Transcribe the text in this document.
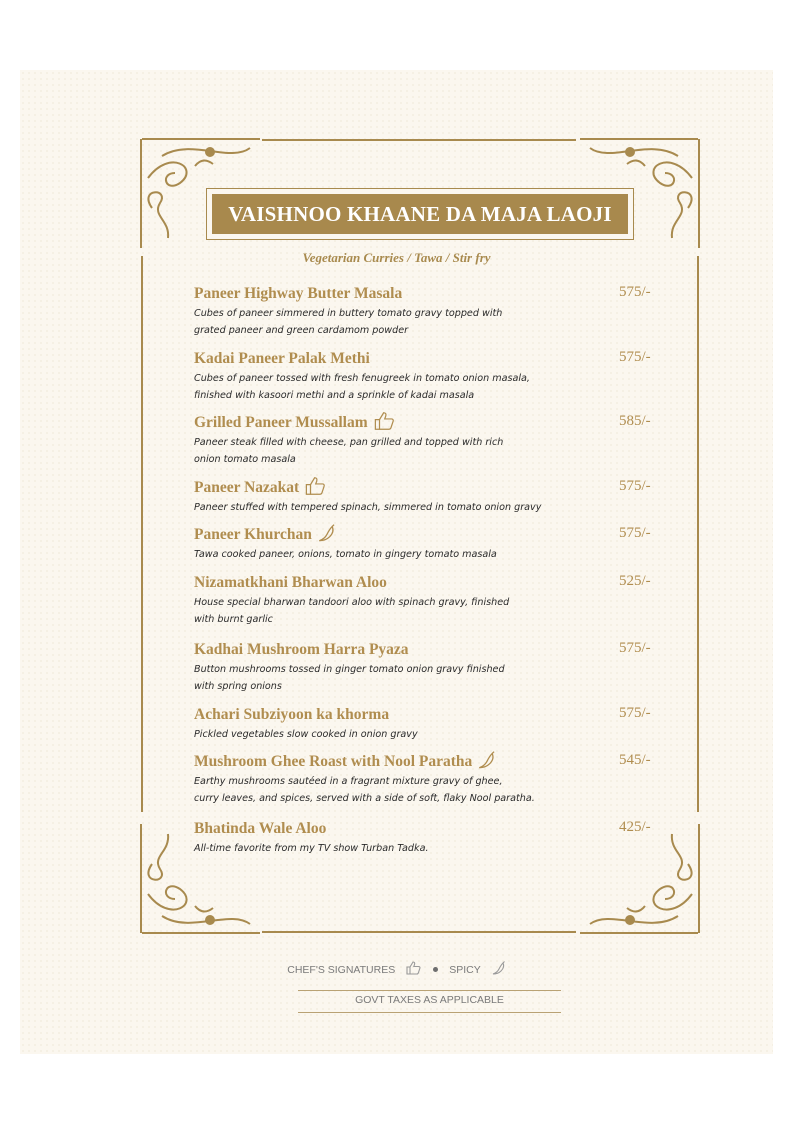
VAISHNOO KHAANE DA MAJA LAOJI
Vegetarian Curries / Tawa / Stir fry
Paneer Highway Butter Masala	575/-
Cubes of paneer simmered in buttery tomato gravy topped with
grated paneer and green cardamom powder
Kadai Paneer Palak Methi	575/-
Cubes of paneer tossed with fresh fenugreek in tomato onion masala,
finished with kasoori methi and a sprinkle of kadai masala
Grilled Paneer Mussallam	585/-
Paneer steak filled with cheese, pan grilled and topped with rich
onion tomato masala
Paneer Nazakat	575/-
Paneer stuffed with tempered spinach, simmered in tomato onion gravy
Paneer Khurchan	575/-
Tawa cooked paneer, onions, tomato in gingery tomato masala
Nizamatkhani Bharwan Aloo	525/-
House special bharwan tandoori aloo with spinach gravy, finished
with burnt garlic
Kadhai Mushroom Harra Pyaza	575/-
Button mushrooms tossed in ginger tomato onion gravy finished
with spring onions
Achari Subziyoon ka khorma	575/-
Pickled vegetables slow cooked in onion gravy
Mushroom Ghee Roast with Nool Paratha	545/-
Earthy mushrooms sautéed in a fragrant mixture gravy of ghee,
curry leaves, and spices, served with a side of soft, flaky Nool paratha.
Bhatinda Wale Aloo	425/-
All-time favorite from my TV show Turban Tadka.
CHEF'S SIGNATURES	SPICY
GOVT TAXES AS APPLICABLE
